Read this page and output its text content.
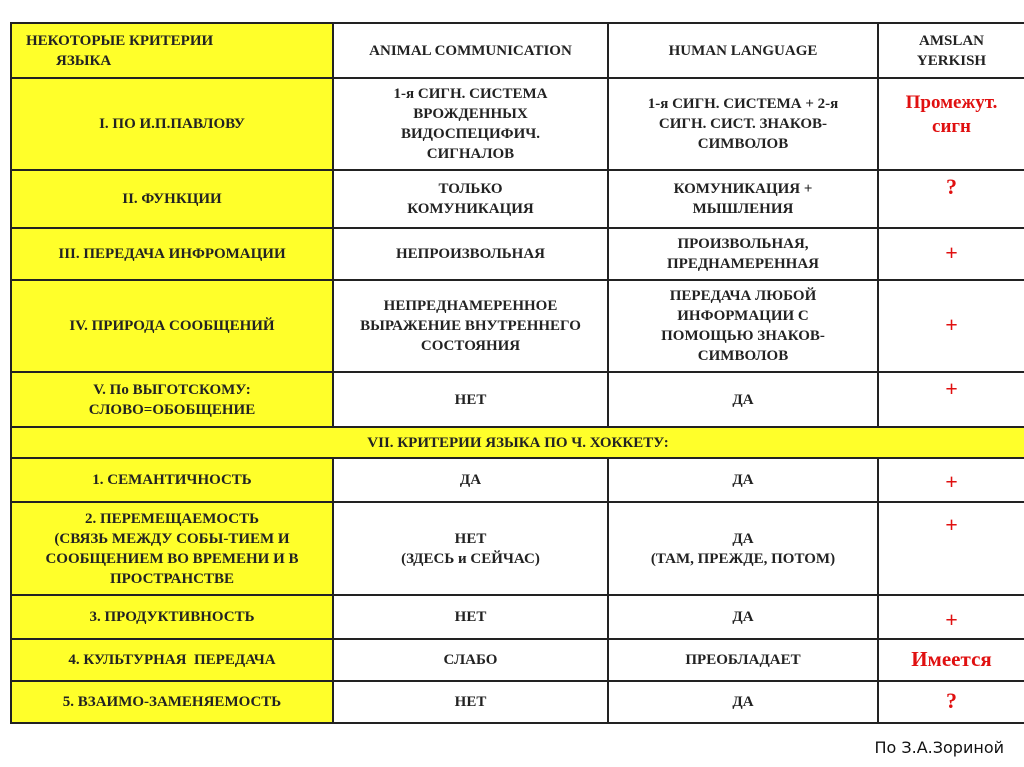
НЕКОТОРЫЕ КРИТЕРИИ
ЯЗЫКА	ANIMAL COMMUNICATION	HUMAN LANGUAGE	AMSLAN
YERKISH

I. ПО И.П.ПАВЛОВУ	1-я СИГН. СИСТЕМА
ВРОЖДЕННЫХ
ВИДОСПЕЦИФИЧ.
СИГНАЛОВ	1-я СИГН. СИСТЕМА + 2-я
СИГН. СИСТ. ЗНАКОВ-
СИМВОЛОВ	Промежут.
сигн

II. ФУНКЦИИ	ТОЛЬКО
КОМУНИКАЦИЯ	КОМУНИКАЦИЯ +
МЫШЛЕНИЯ	?
III. ПЕРЕДАЧА ИНФРОМАЦИИ	НЕПРОИЗВОЛЬНАЯ	ПРОИЗВОЛЬНАЯ,
ПРЕДНАМЕРЕННАЯ	+
IV. ПРИРОДА СООБЩЕНИЙ	НЕПРЕДНАМЕРЕННОЕ
ВЫРАЖЕНИЕ ВНУТРЕННЕГО
СОСТОЯНИЯ	ПЕРЕДАЧА ЛЮБОЙ
ИНФОРМАЦИИ С
ПОМОЩЬЮ ЗНАКОВ-
СИМВОЛОВ	+

V. По ВЫГОТСКОМУ:
СЛОВО=ОБОБЩЕНИЕ	НЕТ	ДА	+
VII. КРИТЕРИИ ЯЗЫКА ПО Ч. ХОККЕТУ:			
1. СЕМАНТИЧНОСТЬ	ДА	ДА	+

2. ПЕРЕМЕЩАЕМОСТЬ
(СВЯЗЬ МЕЖДУ СОБЫ-ТИЕМ И
СООБЩЕНИЕМ ВО ВРЕМЕНИ И В
ПРОСТРАНСТВЕ	НЕТ
(ЗДЕСЬ и СЕЙЧАС)	ДА
(ТАМ, ПРЕЖДЕ, ПОТОМ)	+
3. ПРОДУКТИВНОСТЬ	НЕТ	ДА	+
4. КУЛЬТУРНАЯ  ПЕРЕДАЧА	СЛАБО	ПРЕОБЛАДАЕТ	Имеется
5. ВЗАИМО-ЗАМЕНЯЕМОСТЬ	НЕТ	ДА	?
По З.А.Зориной
